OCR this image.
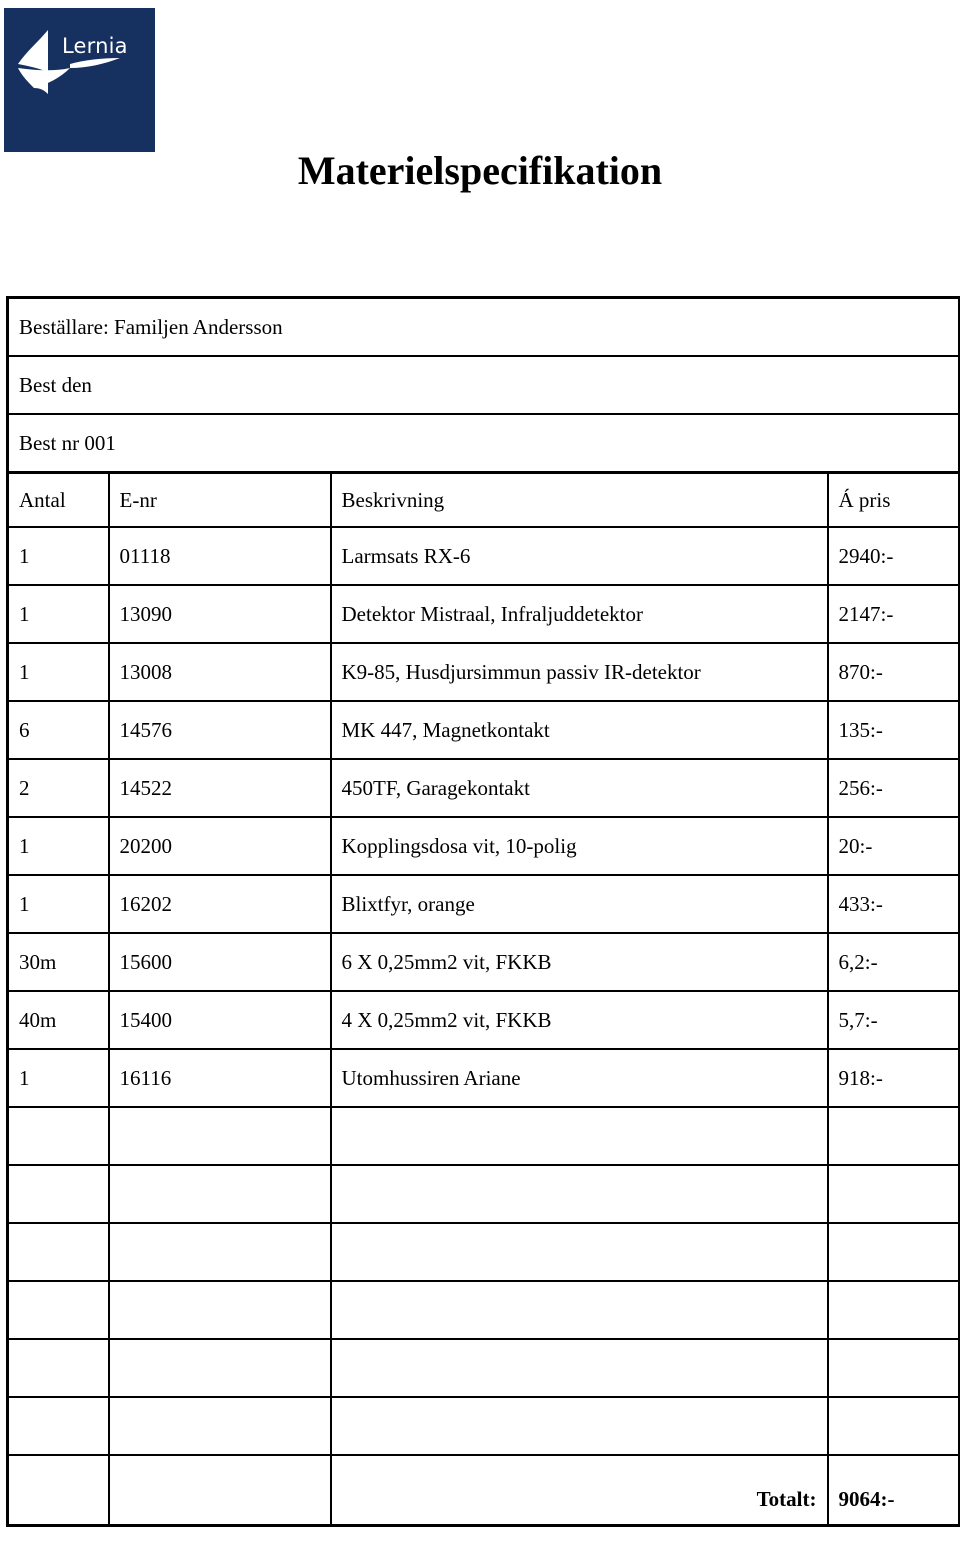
Lernia
Materielspecifikation
Beställare: Familjen Andersson			
Best den			
Best nr 001			
Antal	E-nr	Beskrivning	Á pris
1	01118	Larmsats RX-6	2940:-
1	13090	Detektor Mistraal, Infraljuddetektor	2147:-
1	13008	K9-85, Husdjursimmun passiv IR-detektor	870:-
6	14576	MK 447, Magnetkontakt	135:-
2	14522	450TF, Garagekontakt	256:-
1	20200	Kopplingsdosa vit, 10-polig	20:-
1	16202	Blixtfyr, orange	433:-
30m	15600	6 X 0,25mm2 vit, FKKB	6,2:-
40m	15400	4 X 0,25mm2 vit, FKKB	5,7:-
1	16116	Utomhussiren Ariane	918:-

		Totalt:	9064:-
